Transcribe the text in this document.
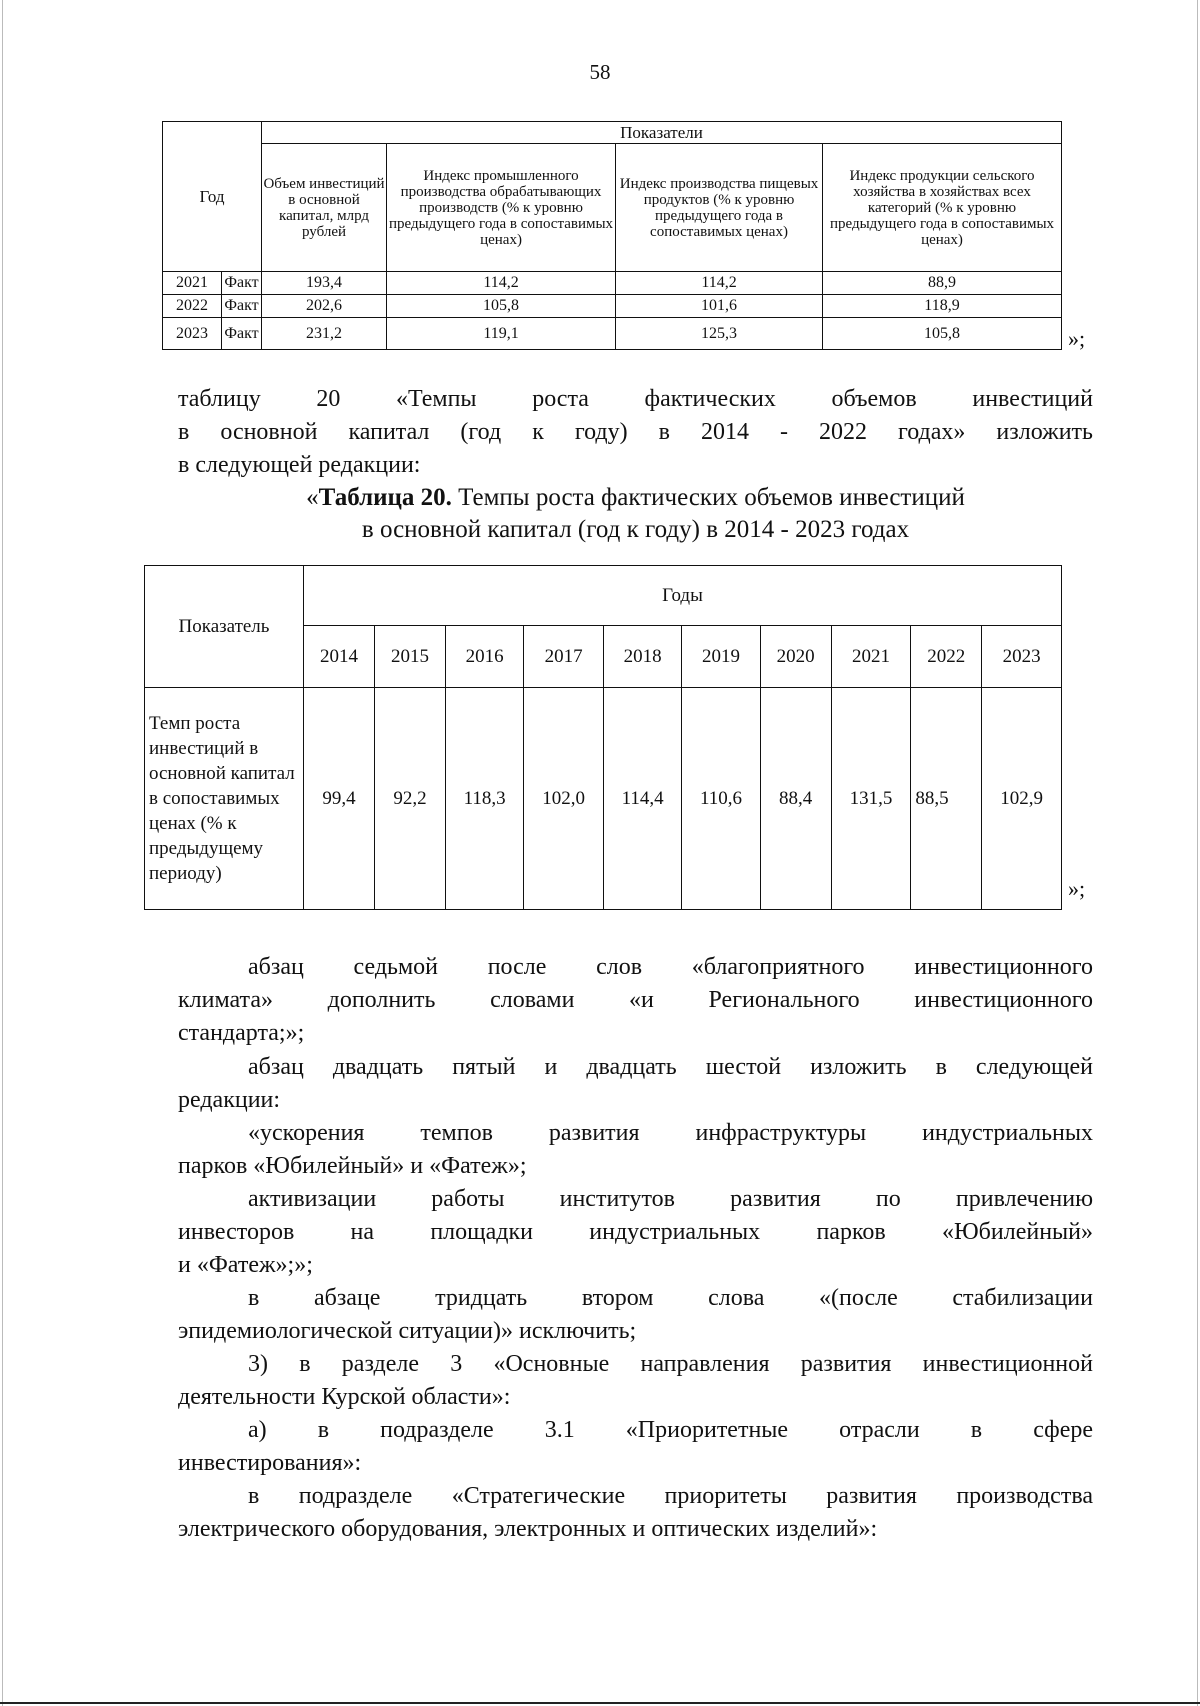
58
Год		Показатели			
		Объем инвестиций в основной капитал, млрд рублей	Индекс промышленного производства обрабатывающих производств (% к уровню предыдущего года в сопоставимых ценах)	Индекс производства пищевых продуктов (% к уровню предыдущего года в сопоставимых ценах)	Индекс продукции сельского хозяйства в хозяйствах всех категорий (% к уровню предыдущего года в сопоставимых ценах)
2021	Факт	193,4	114,2	114,2	88,9
2022	Факт	202,6	105,8	101,6	118,9
2023	Факт	231,2	119,1	125,3	105,8	»;

таблицу 20 «Темпы роста фактических объемов инвестиций

в основной капитал (год к году) в 2014 - 2022 годах» изложить

в следующей редакции:

«Таблица 20. Темпы роста фактических объемов инвестиций
в основной капитал (год к году) в 2014 - 2023 годах
Показатель	Годы									
	2014	2015	2016	2017	2018	2019	2020	2021	2022	2023
Темп роста инвестиций в основной капитал в сопоставимых ценах (% к предыдущему периоду)	99,4	92,2	118,3	102,0	114,4	110,6	88,4	131,5	88,5	102,9
»;

абзац седьмой после слов «благоприятного инвестиционного

климата» дополнить словами «и Регионального инвестиционного

стандарта;»;

абзац двадцать пятый и двадцать шестой изложить в следующей

редакции:

«ускорения темпов развития инфраструктуры индустриальных

парков «Юбилейный» и «Фатеж»;

активизации работы институтов развития по привлечению

инвесторов на площадки индустриальных парков «Юбилейный»

и «Фатеж»;»;

в абзаце тридцать втором слова «(после стабилизации

эпидемиологической ситуации)» исключить;

3) в разделе 3 «Основные направления развития инвестиционной

деятельности Курской области»:

а) в подразделе 3.1 «Приоритетные отрасли в сфере

инвестирования»:

в подразделе «Стратегические приоритеты развития производства

электрического оборудования, электронных и оптических изделий»:
